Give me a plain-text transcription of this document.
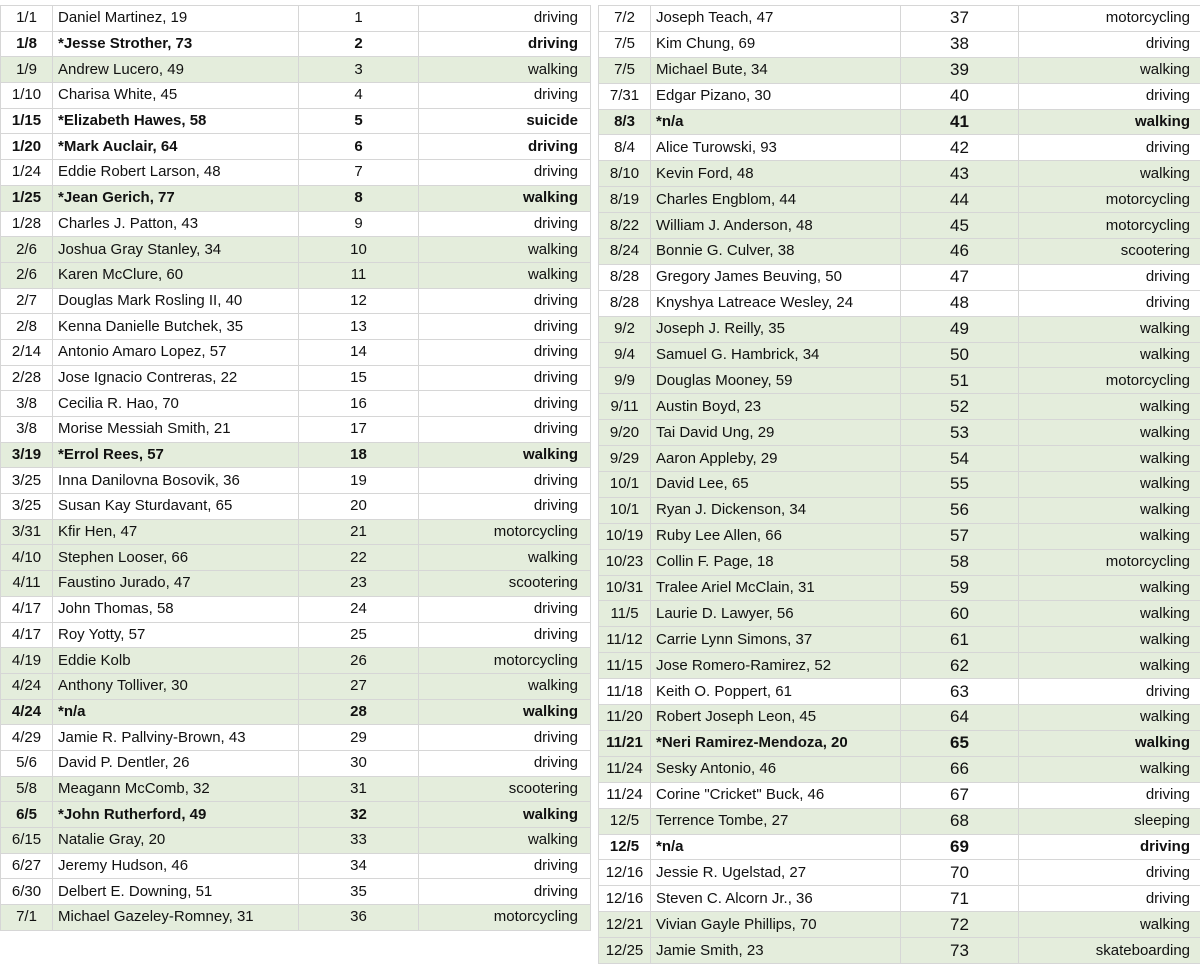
1/1	Daniel Martinez, 19	1	driving
1/8	*Jesse Strother, 73	2	driving
1/9	Andrew Lucero, 49	3	walking
1/10	Charisa White, 45	4	driving
1/15	*Elizabeth Hawes, 58	5	suicide
1/20	*Mark Auclair, 64	6	driving
1/24	Eddie Robert Larson, 48	7	driving
1/25	*Jean Gerich, 77	8	walking
1/28	Charles J. Patton, 43	9	driving
2/6	Joshua Gray Stanley, 34	10	walking
2/6	Karen McClure, 60	11	walking
2/7	Douglas Mark Rosling II, 40	12	driving
2/8	Kenna Danielle Butchek, 35	13	driving
2/14	Antonio Amaro Lopez, 57	14	driving
2/28	Jose Ignacio Contreras, 22	15	driving
3/8	Cecilia R. Hao, 70	16	driving
3/8	Morise Messiah Smith, 21	17	driving
3/19	*Errol Rees, 57	18	walking
3/25	Inna Danilovna Bosovik, 36	19	driving
3/25	Susan Kay Sturdavant, 65	20	driving
3/31	Kfir Hen, 47	21	motorcycling
4/10	Stephen Looser, 66	22	walking
4/11	Faustino Jurado, 47	23	scootering
4/17	John Thomas, 58	24	driving
4/17	Roy Yotty, 57	25	driving
4/19	Eddie Kolb	26	motorcycling
4/24	Anthony Tolliver, 30	27	walking
4/24	*n/a	28	walking
4/29	Jamie R. Pallviny-Brown, 43	29	driving
5/6	David P. Dentler, 26	30	driving
5/8	Meagann McComb, 32	31	scootering
6/5	*John Rutherford, 49	32	walking
6/15	Natalie Gray, 20	33	walking
6/27	Jeremy Hudson, 46	34	driving
6/30	Delbert E. Downing, 51	35	driving
7/1	Michael Gazeley-Romney, 31	36	motorcycling
7/2	Joseph Teach, 47	37	motorcycling
7/5	Kim Chung, 69	38	driving
7/5	Michael Bute, 34	39	walking
7/31	Edgar Pizano, 30	40	driving
8/3	*n/a	41	walking
8/4	Alice Turowski, 93	42	driving
8/10	Kevin Ford, 48	43	walking
8/19	Charles Engblom, 44	44	motorcycling
8/22	William J. Anderson, 48	45	motorcycling
8/24	Bonnie G. Culver, 38	46	scootering
8/28	Gregory James Beuving, 50	47	driving
8/28	Knyshya Latreace Wesley, 24	48	driving
9/2	Joseph J. Reilly, 35	49	walking
9/4	Samuel G. Hambrick, 34	50	walking
9/9	Douglas Mooney, 59	51	motorcycling
9/11	Austin Boyd, 23	52	walking
9/20	Tai David Ung, 29	53	walking
9/29	Aaron Appleby, 29	54	walking
10/1	David Lee, 65	55	walking
10/1	Ryan J. Dickenson, 34	56	walking
10/19	Ruby Lee Allen, 66	57	walking
10/23	Collin F. Page, 18	58	motorcycling
10/31	Tralee Ariel McClain, 31	59	walking
11/5	Laurie D. Lawyer, 56	60	walking
11/12	Carrie Lynn Simons, 37	61	walking
11/15	Jose Romero-Ramirez, 52	62	walking
11/18	Keith O. Poppert, 61	63	driving
11/20	Robert Joseph Leon, 45	64	walking
11/21	*Neri Ramirez-Mendoza, 20	65	walking
11/24	Sesky Antonio, 46	66	walking
11/24	Corine "Cricket" Buck, 46	67	driving
12/5	Terrence Tombe, 27	68	sleeping
12/5	*n/a	69	driving
12/16	Jessie R. Ugelstad, 27	70	driving
12/16	Steven C. Alcorn Jr., 36	71	driving
12/21	Vivian Gayle Phillips, 70	72	walking
12/25	Jamie Smith, 23	73	skateboarding
